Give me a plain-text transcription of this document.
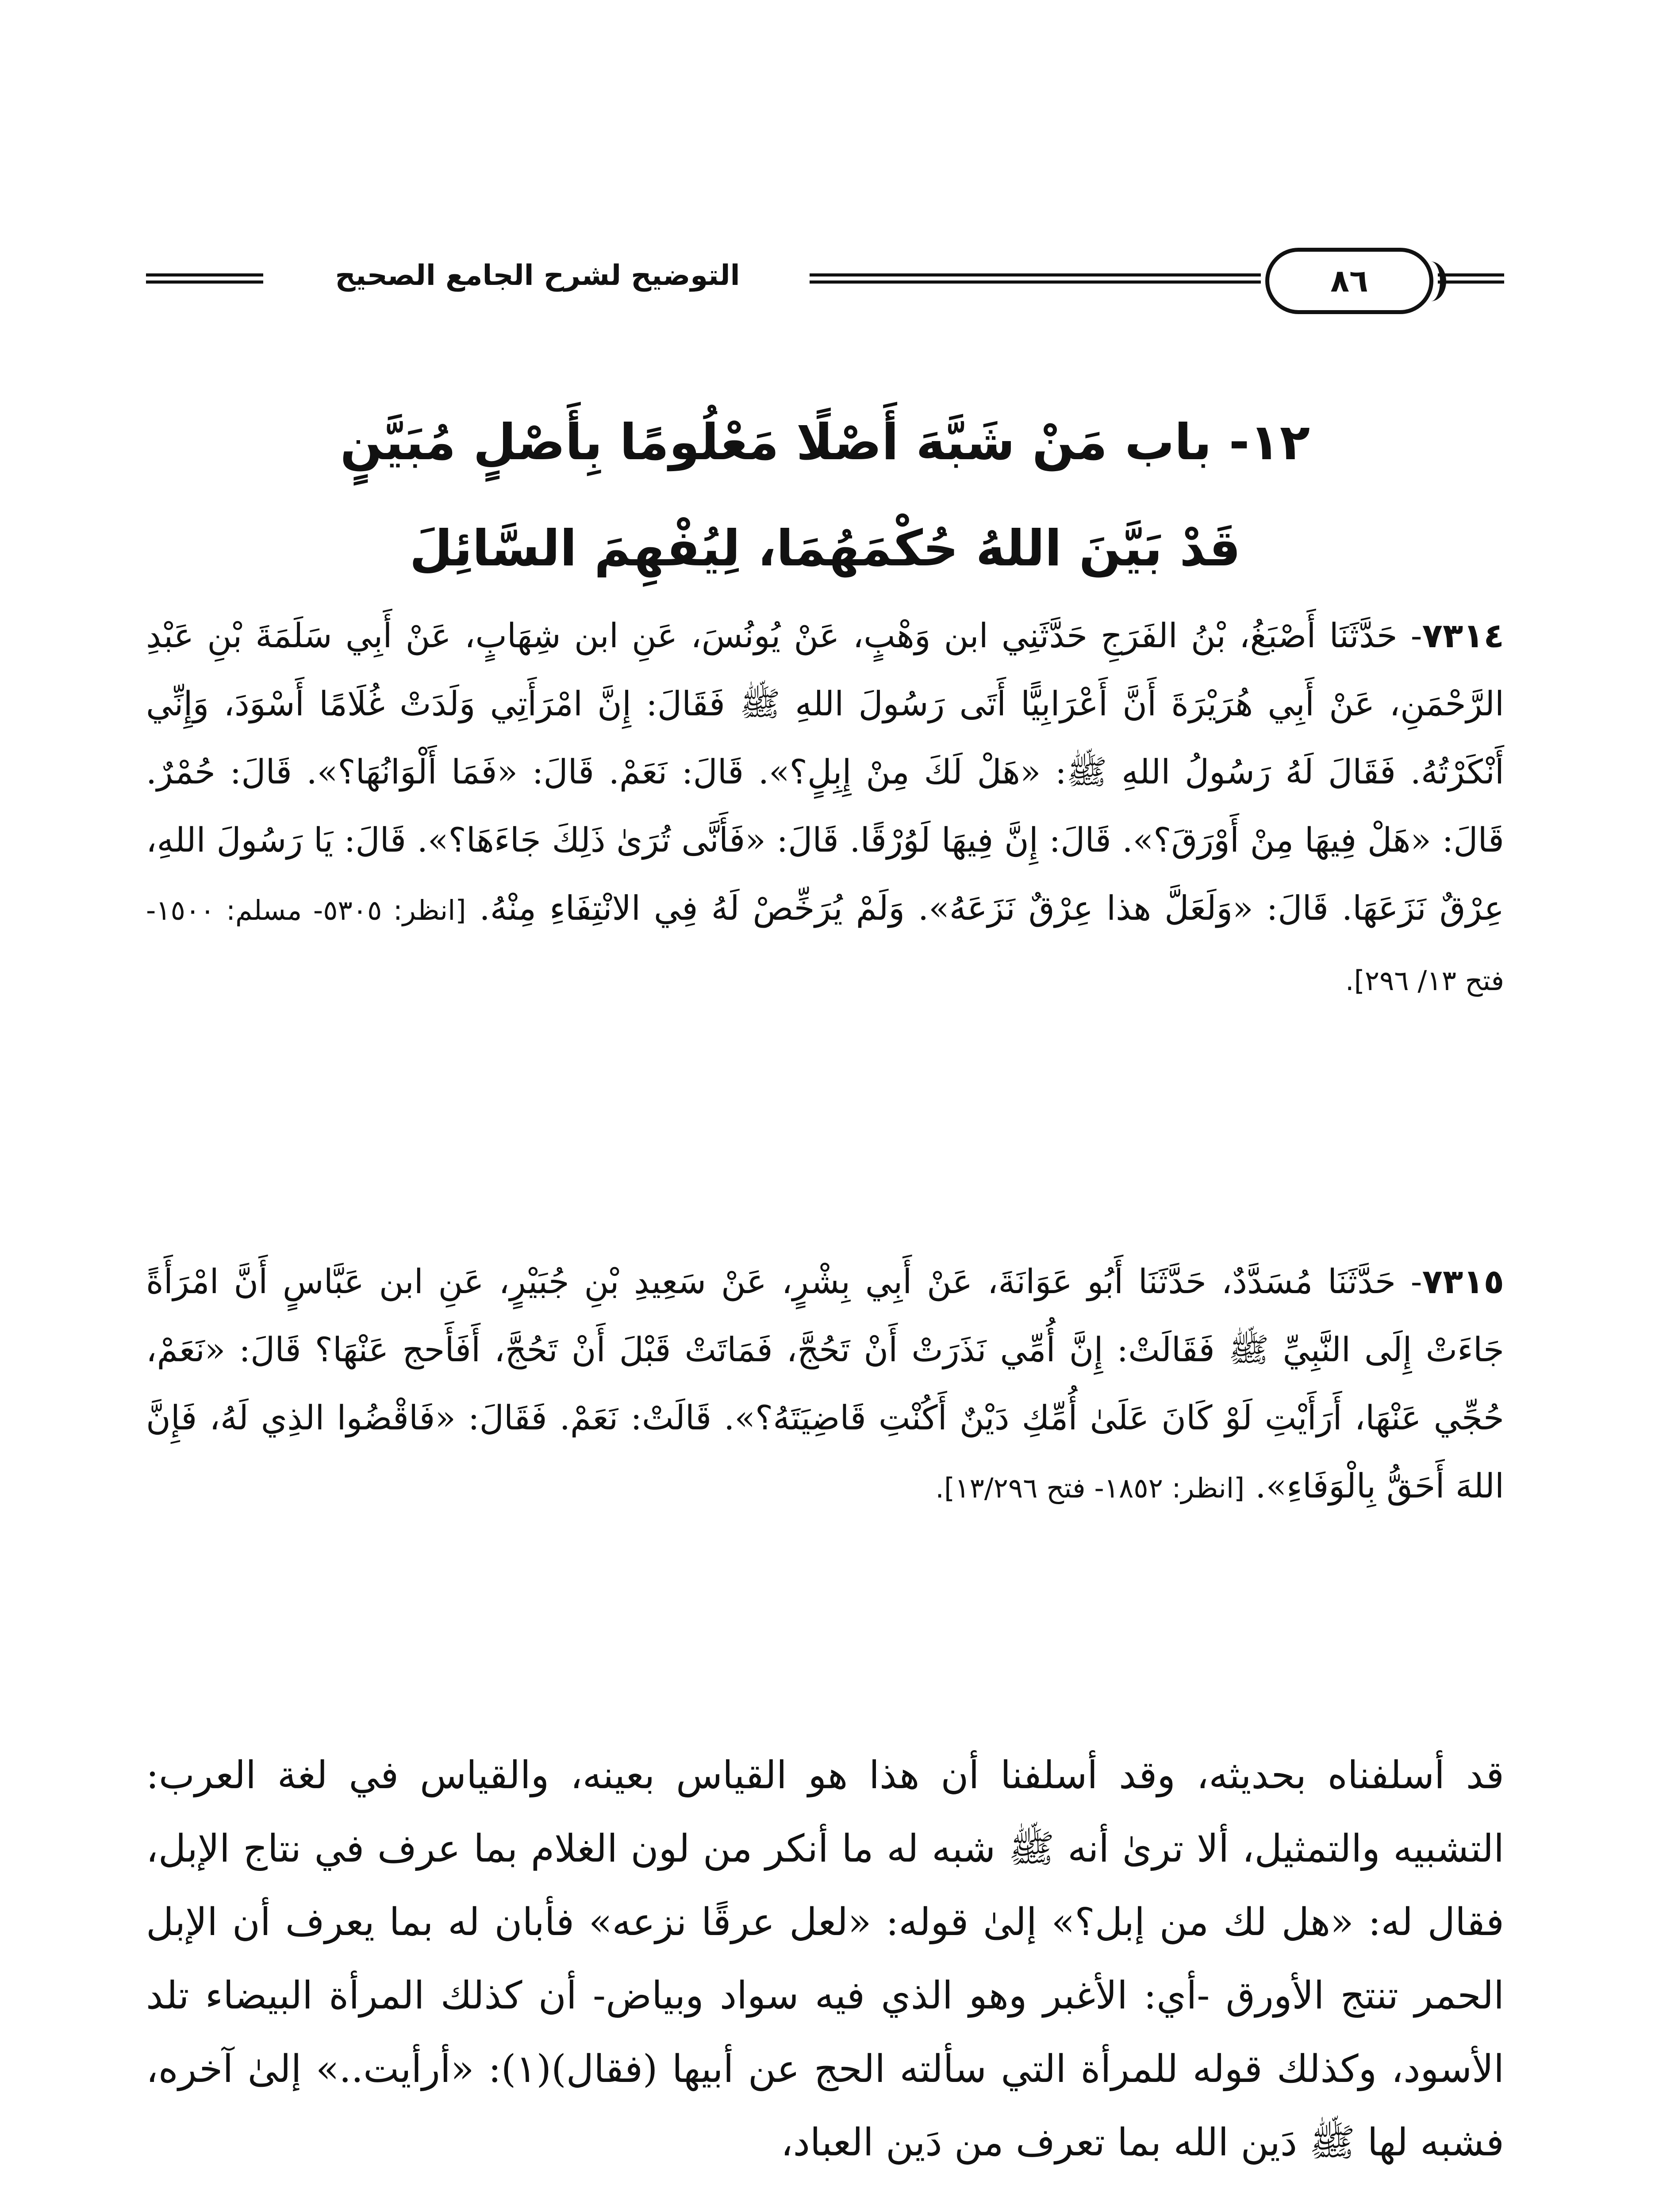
التوضيح لشرح الجامع الصحيح	٨٦
١٢- باب مَنْ شَبَّهَ أَصْلًا مَعْلُومًا بِأَصْلٍ مُبَيَّنٍ
قَدْ بَيَّنَ اللهُ حُكْمَهُمَا، لِيُفْهِمَ السَّائِلَ

٧٣١٤- حَدَّثَنَا أَصْبَغُ، بْنُ الفَرَجِ حَدَّثَنِي ابن وَهْبٍ، عَنْ يُونُسَ، عَنِ ابن شِهَابٍ، عَنْ أَبِي سَلَمَةَ بْنِ عَبْدِ الرَّحْمَنِ، عَنْ أَبِي هُرَيْرَةَ أَنَّ أَعْرَابِيًّا أَتَى رَسُولَ اللهِ ﷺ فَقَالَ: إِنَّ امْرَأَتِي وَلَدَتْ غُلَامًا أَسْوَدَ، وَإِنِّي أَنْكَرْتُهُ. فَقَالَ لَهُ رَسُولُ اللهِ ﷺ: «هَلْ لَكَ مِنْ إِبِلٍ؟». قَالَ: نَعَمْ. قَالَ: «فَمَا أَلْوَانُهَا؟». قَالَ: حُمْرٌ. قَالَ: «هَلْ فِيهَا مِنْ أَوْرَقَ؟». قَالَ: إِنَّ فِيهَا لَوُرْقًا. قَالَ: «فَأَنَّى تُرَىٰ ذَلِكَ جَاءَهَا؟». قَالَ: يَا رَسُولَ اللهِ، عِرْقٌ نَزَعَهَا. قَالَ: «وَلَعَلَّ هذا عِرْقٌ نَزَعَهُ». وَلَمْ يُرَخِّصْ لَهُ فِي الانْتِفَاءِ مِنْهُ. [انظر: ٥٣٠٥- مسلم: ١٥٠٠- فتح ١٣/ ٢٩٦].

٧٣١٥- حَدَّثَنَا مُسَدَّدٌ، حَدَّثَنَا أَبُو عَوَانَةَ، عَنْ أَبِي بِشْرٍ، عَنْ سَعِيدِ بْنِ جُبَيْرٍ، عَنِ ابن عَبَّاسٍ أَنَّ امْرَأَةً جَاءَتْ إِلَى النَّبِيِّ ﷺ فَقَالَتْ: إِنَّ أُمِّي نَذَرَتْ أَنْ تَحُجَّ، فَمَاتَتْ قَبْلَ أَنْ تَحُجَّ، أَفَأَحج عَنْهَا؟ قَالَ: «نَعَمْ، حُجِّي عَنْهَا، أَرَأَيْتِ لَوْ كَانَ عَلَىٰ أُمِّكِ دَيْنٌ أَكُنْتِ قَاضِيَتَهُ؟». قَالَتْ: نَعَمْ. فَقَالَ: «فَاقْضُوا الذِي لَهُ، فَإِنَّ اللهَ أَحَقُّ بِالْوَفَاءِ». [انظر: ١٨٥٢- فتح ١٣/٢٩٦].

قد أسلفناه بحديثه، وقد أسلفنا أن هذا هو القياس بعينه، والقياس في لغة العرب: التشبيه والتمثيل، ألا ترىٰ أنه ﷺ شبه له ما أنكر من لون الغلام بما عرف في نتاج الإبل، فقال له: «هل لك من إبل؟» إلىٰ قوله: «لعل عرقًا نزعه» فأبان له بما يعرف أن الإبل الحمر تنتج الأورق -أي: الأغبر وهو الذي فيه سواد وبياض- أن كذلك المرأة البيضاء تلد الأسود، وكذلك قوله للمرأة التي سألته الحج عن أبيها (فقال)(١): «أرأيت..» إلىٰ آخره، فشبه لها ﷺ دَين الله بما تعرف من دَين العباد،
